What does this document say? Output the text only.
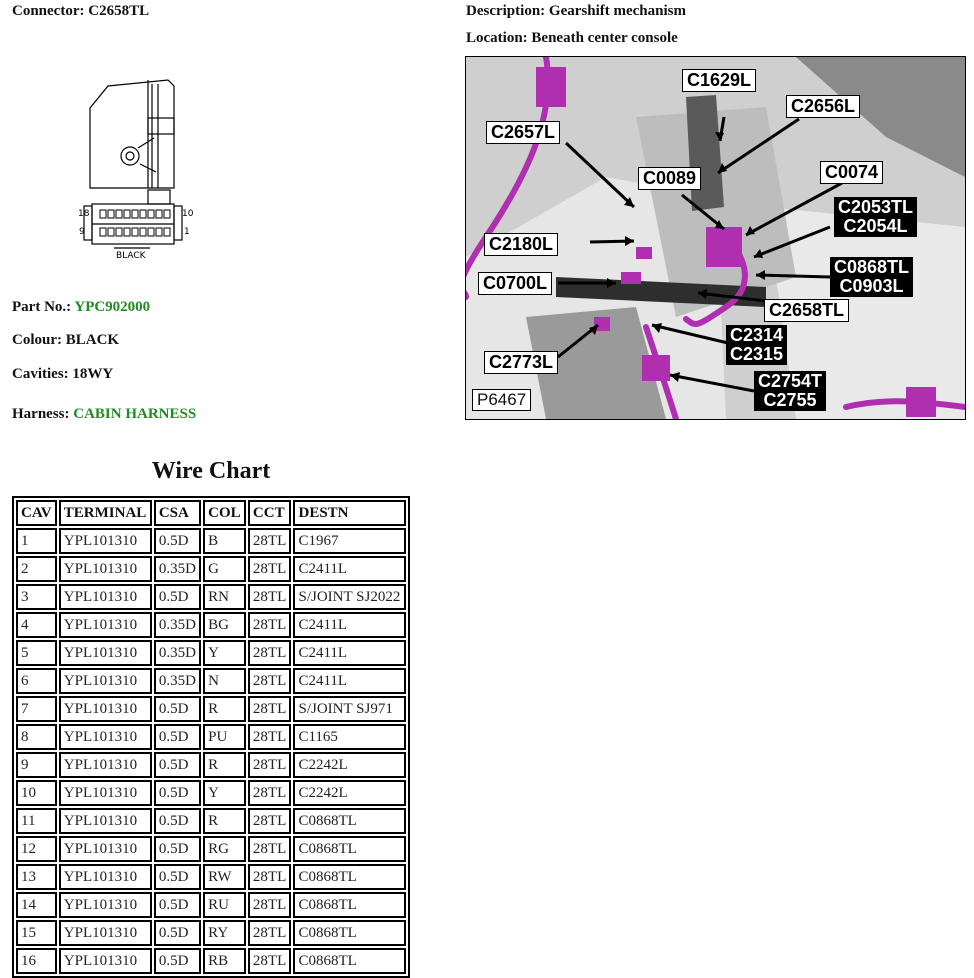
Connector: C2658TL	Description: Gearshift mechanism
Location: Beneath center console
18
9
10
1
BLACK
Part No.: YPC902000
Colour: BLACK
Cavities: 18WY
Harness: CABIN HARNESS
C1629L
C2656L
C2657L
C0089	C0074
C2053TL
C2054L
C2180L
C0868TL
C0903L
C0700L
C2658TL
C2314
C2315
C2773L
C2754T
C2755
P6467
Wire Chart
CAV	TERMINAL	CSA	COL	CCT	DESTN
1	YPL101310	0.5D	B	28TL	C1967
2	YPL101310	0.35D	G	28TL	C2411L
3	YPL101310	0.5D	RN	28TL	S/JOINT SJ2022
4	YPL101310	0.35D	BG	28TL	C2411L
5	YPL101310	0.35D	Y	28TL	C2411L
6	YPL101310	0.35D	N	28TL	C2411L
7	YPL101310	0.5D	R	28TL	S/JOINT SJ971
8	YPL101310	0.5D	PU	28TL	C1165
9	YPL101310	0.5D	R	28TL	C2242L
10	YPL101310	0.5D	Y	28TL	C2242L
11	YPL101310	0.5D	R	28TL	C0868TL
12	YPL101310	0.5D	RG	28TL	C0868TL
13	YPL101310	0.5D	RW	28TL	C0868TL
14	YPL101310	0.5D	RU	28TL	C0868TL
15	YPL101310	0.5D	RY	28TL	C0868TL
16	YPL101310	0.5D	RB	28TL	C0868TL
